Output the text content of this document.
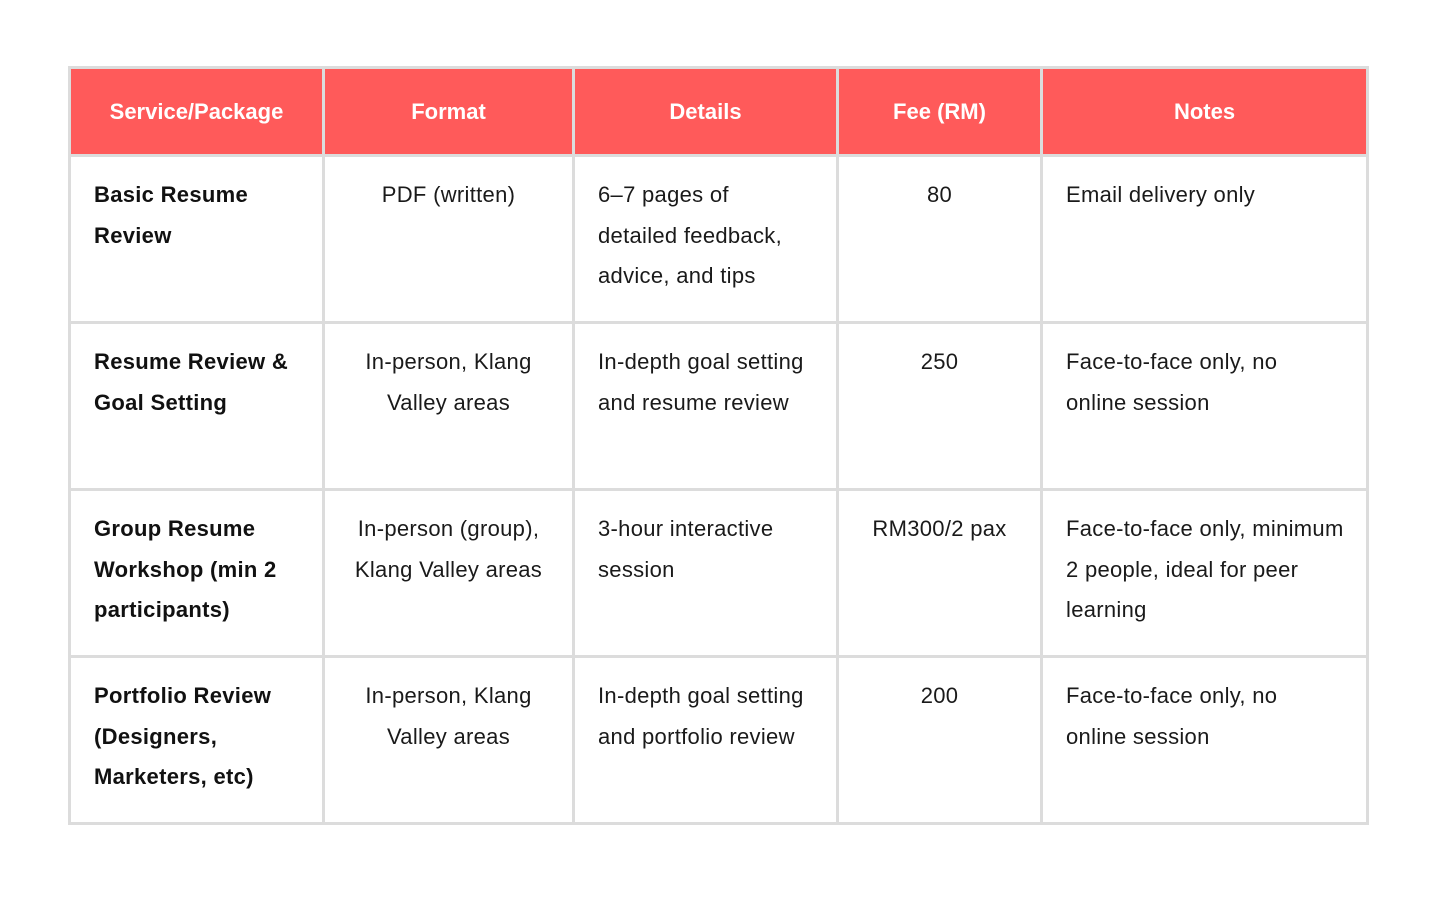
Service/Package	Format	Details	Fee (RM)	Notes
Basic Resume Review	PDF (written)	6–7 pages of detailed feedback, advice, and tips	80	Email delivery only
Resume Review & Goal Setting	In-person, Klang Valley areas	In-depth goal setting and resume review	250	Face-to-face only, no online session
Group Resume Workshop (min 2 participants)	In-person (group), Klang Valley areas	3-hour interactive session	RM300/2 pax	Face-to-face only, minimum 2 people, ideal for peer learning
Portfolio Review (Designers, Marketers, etc)	In-person, Klang Valley areas	In-depth goal setting and portfolio review	200	Face-to-face only, no online session
